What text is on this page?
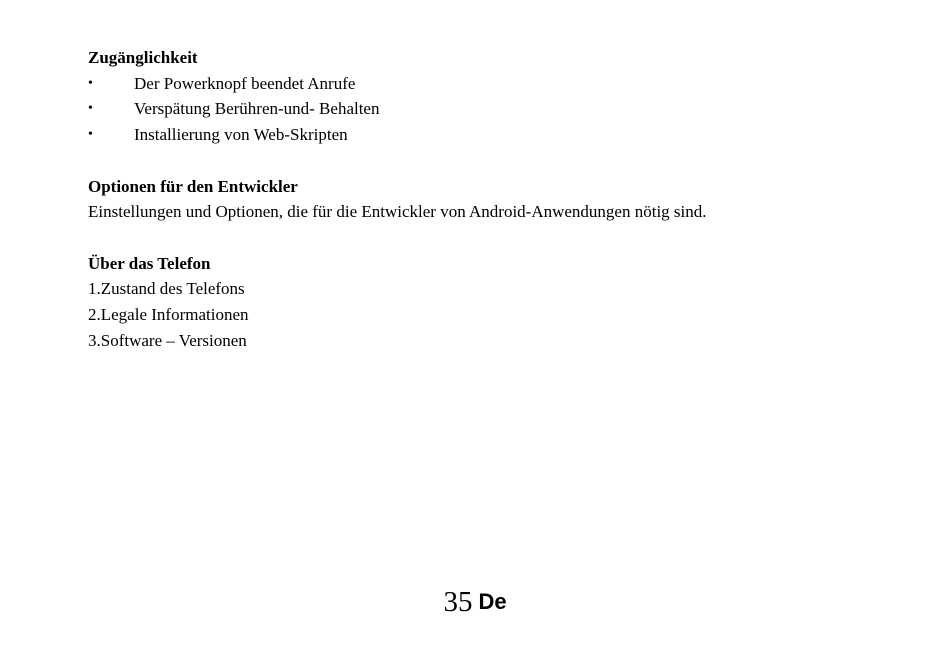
Zugänglichkeit

• Der Powerknopf beendet Anrufe
• Verspätung Berühren-und- Behalten
• Installierung von Web-Skripten

Optionen für den Entwickler

Einstellungen und Optionen, die für die Entwickler von Android-Anwendungen nötig sind.

Über das Telefon

1.Zustand des Telefons

2.Legale Informationen

3.Software – Versionen

35 De
